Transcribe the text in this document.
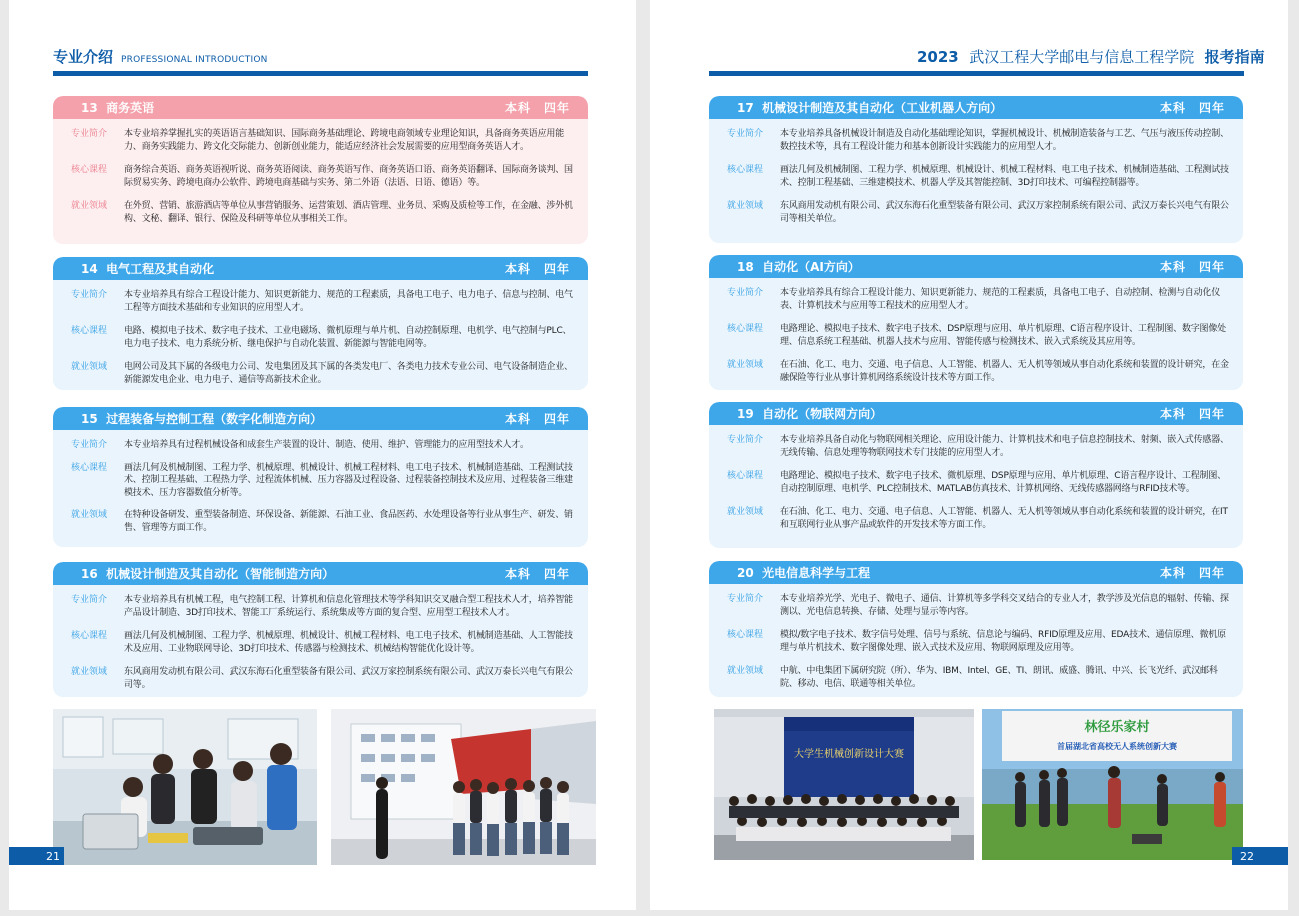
专业介绍 PROFESSIONAL INTRODUCTION
13 商务英语	本科　四年
专业简介	本专业培养掌握扎实的英语语言基础知识、国际商务基础理论、跨境电商领域专业理论知识，具备商务英语应用能力、商务实践能力、跨文化交际能力、创新创业能力，能适应经济社会发展需要的应用型商务英语人才。
核心课程	商务综合英语、商务英语视听说、商务英语阅读、商务英语写作、商务英语口语、商务英语翻译、国际商务谈判、国际贸易实务、跨境电商办公软件、跨境电商基础与实务、第二外语（法语、日语、德语）等。
就业领域	在外贸、营销、旅游酒店等单位从事营销服务、运营策划、酒店管理、业务员、采购及质检等工作，在金融、涉外机构、文秘、翻译、银行、保险及科研等单位从事相关工作。
14 电气工程及其自动化	本科　四年
专业简介	本专业培养具有综合工程设计能力、知识更新能力、规范的工程素质，具备电工电子、电力电子、信息与控制、电气工程等方面技术基础和专业知识的应用型人才。
核心课程	电路、模拟电子技术、数字电子技术、工业电磁场、微机原理与单片机、自动控制原理、电机学、电气控制与PLC、电力电子技术、电力系统分析、继电保护与自动化装置、新能源与智能电网等。
就业领域	电网公司及其下属的各级电力公司、发电集团及其下属的各类发电厂、各类电力技术专业公司、电气设备制造企业、新能源发电企业、电力电子、通信等高新技术企业。
15 过程装备与控制工程（数字化制造方向）	本科　四年
专业简介	本专业培养具有过程机械设备和成套生产装置的设计、制造、使用、维护、管理能力的应用型技术人才。
核心课程	画法几何及机械制图、工程力学、机械原理、机械设计、机械工程材料、电工电子技术、机械制造基础、工程测试技术、控制工程基础、工程热力学、过程流体机械、压力容器及过程设备、过程装备控制技术及应用、过程装备三维建模技术、压力容器数值分析等。
就业领域	在特种设备研发、重型装备制造、环保设备、新能源、石油工业、食品医药、水处理设备等行业从事生产、研发、销售、管理等方面工作。
16 机械设计制造及其自动化（智能制造方向）	本科　四年
专业简介	本专业培养具有机械工程，电气控制工程、计算机和信息化管理技术等学科知识交叉融合型工程技术人才，培养智能产品设计制造、3D打印技术、智能工厂系统运行、系统集成等方面的复合型、应用型工程技术人才。
核心课程	画法几何及机械制图、工程力学、机械原理、机械设计、机械工程材料、电工电子技术、机械制造基础、人工智能技术及应用、工业物联网导论、3D打印技术、传感器与检测技术、机械结构智能优化设计等。
就业领域	东风商用发动机有限公司、武汉东海石化重型装备有限公司、武汉万家控制系统有限公司、武汉万泰长兴电气有限公司等。
21
2023 武汉工程大学邮电与信息工程学院 报考指南
17 机械设计制造及其自动化（工业机器人方向）	本科　四年
专业简介	本专业培养具备机械设计制造及自动化基础理论知识，掌握机械设计、机械制造装备与工艺、气压与液压传动控制、数控技术等，具有工程设计能力和基本创新设计实践能力的应用型人才。
核心课程	画法几何及机械制图、工程力学、机械原理、机械设计、机械工程材料、电工电子技术、机械制造基础、工程测试技术、控制工程基础、三维建模技术、机器人学及其智能控制、3D打印技术、可编程控制器等。
就业领域	东风商用发动机有限公司、武汉东海石化重型装备有限公司、武汉万家控制系统有限公司、武汉万泰长兴电气有限公司等相关单位。
18 自动化（AI方向）	本科　四年
专业简介	本专业培养具有综合工程设计能力、知识更新能力、规范的工程素质，具备电工电子、自动控制、检测与自动化仪表、计算机技术与应用等工程技术的应用型人才。
核心课程	电路理论、模拟电子技术、数字电子技术、DSP原理与应用、单片机原理、C语言程序设计、工程制图、数字图像处理、信息系统工程基础、机器人技术与应用、智能传感与检测技术、嵌入式系统及其应用等。
就业领域	在石油、化工、电力、交通、电子信息、人工智能、机器人、无人机等领域从事自动化系统和装置的设计研究，在金融保险等行业从事计算机网络系统设计技术等方面工作。
19 自动化（物联网方向）	本科　四年
专业简介	本专业培养具备自动化与物联网相关理论、应用设计能力、计算机技术和电子信息控制技术、射频、嵌入式传感器、无线传输、信息处理等物联网技术专门技能的应用型人才。
核心课程	电路理论、模拟电子技术、数字电子技术、微机原理、DSP原理与应用、单片机原理、C语言程序设计、工程制图、自动控制原理、电机学、PLC控制技术、MATLAB仿真技术、计算机网络、无线传感器网络与RFID技术等。
就业领域	在石油、化工、电力、交通、电子信息、人工智能、机器人、无人机等领域从事自动化系统和装置的设计研究，在IT和互联网行业从事产品或软件的开发技术等方面工作。
20 光电信息科学与工程	本科　四年
专业简介	本专业培养光学、光电子、微电子、通信、计算机等多学科交叉结合的专业人才，教学涉及光信息的辐射、传输、探测以、光电信息转换、存储、处理与显示等内容。
核心课程	模拟/数字电子技术、数字信号处理、信号与系统、信息论与编码、RFID原理及应用、EDA技术、通信原理、微机原理与单片机技术、数字图像处理、嵌入式技术及应用、物联网原理及应用等。
就业领域	中航、中电集团下属研究院（所）、华为、IBM、Intel、GE、TI、朗讯、威盛、腾讯、中兴、长飞光纤、武汉邮科院、移动、电信、联通等相关单位。
大学生机械创新设计大赛
林径乐家村
首届湖北省高校无人系统创新大赛
22
